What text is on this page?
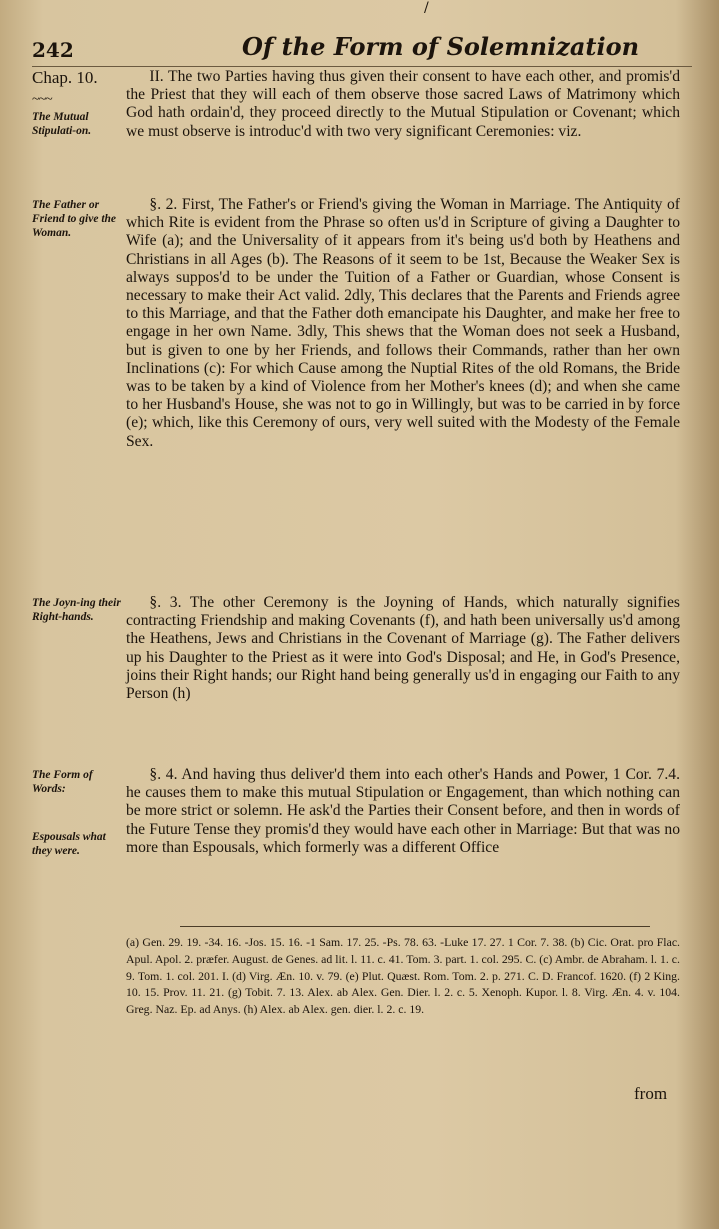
/
242	Of the Form of Solemnization
Chap. 10.
~~~
The Mutual Stipulati-on.
The Father or Friend to give the Woman.
The Joyn-ing their Right-hands.
The Form of Words:
Espousals what they were.

II. The two Parties having thus given their consent to have each other, and promis'd the Priest that they will each of them observe those sacred Laws of Matrimony which God hath ordain'd, they proceed directly to the Mutual Stipulation or Covenant; which we must observe is introduc'd with two very significant Ceremonies: viz.

§. 2. First, The Father's or Friend's giving the Woman in Marriage. The Antiquity of which Rite is evident from the Phrase so often us'd in Scripture of giving a Daughter to Wife (a); and the Universality of it appears from it's being us'd both by Heathens and Christians in all Ages (b). The Reasons of it seem to be 1st, Because the Weaker Sex is always suppos'd to be under the Tuition of a Father or Guardian, whose Consent is necessary to make their Act valid. 2dly, This declares that the Parents and Friends agree to this Marriage, and that the Father doth emancipate his Daughter, and make her free to engage in her own Name. 3dly, This shews that the Woman does not seek a Husband, but is given to one by her Friends, and follows their Commands, rather than her own Inclinations (c): For which Cause among the Nuptial Rites of the old Romans, the Bride was to be taken by a kind of Violence from her Mother's knees (d); and when she came to her Husband's House, she was not to go in Willingly, but was to be carried in by force (e); which, like this Ceremony of ours, very well suited with the Modesty of the Female Sex.

§. 3. The other Ceremony is the Joyning of Hands, which naturally signifies contracting Friendship and making Covenants (f), and hath been universally us'd among the Heathens, Jews and Christians in the Covenant of Marriage (g). The Father delivers up his Daughter to the Priest as it were into God's Disposal; and He, in God's Presence, joins their Right hands; our Right hand being generally us'd in engaging our Faith to any Person (h)

§. 4. And having thus deliver'd them into each other's Hands and Power, 1 Cor. 7.4. he causes them to make this mutual Stipulation or Engagement, than which nothing can be more strict or solemn. He ask'd the Parties their Consent before, and then in words of the Future Tense they promis'd they would have each other in Marriage: But that was no more than Espousals, which formerly was a different Office

(a) Gen. 29. 19. -34. 16. -Jos. 15. 16. -1 Sam. 17. 25. -Ps. 78. 63. -Luke 17. 27. 1 Cor. 7. 38. (b) Cic. Orat. pro Flac. Apul. Apol. 2. præfer. August. de Genes. ad lit. l. 11. c. 41. Tom. 3. part. 1. col. 295. C. (c) Ambr. de Abraham. l. 1. c. 9. Tom. 1. col. 201. I. (d) Virg. Æn. 10. v. 79. (e) Plut. Quæst. Rom. Tom. 2. p. 271. C. D. Francof. 1620. (f) 2 King. 10. 15. Prov. 11. 21. (g) Tobit. 7. 13. Alex. ab Alex. Gen. Dier. l. 2. c. 5. Xenoph. Kupor. l. 8. Virg. Æn. 4. v. 104. Greg. Naz. Ep. ad Anys. (h) Alex. ab Alex. gen. dier. l. 2. c. 19.
from
